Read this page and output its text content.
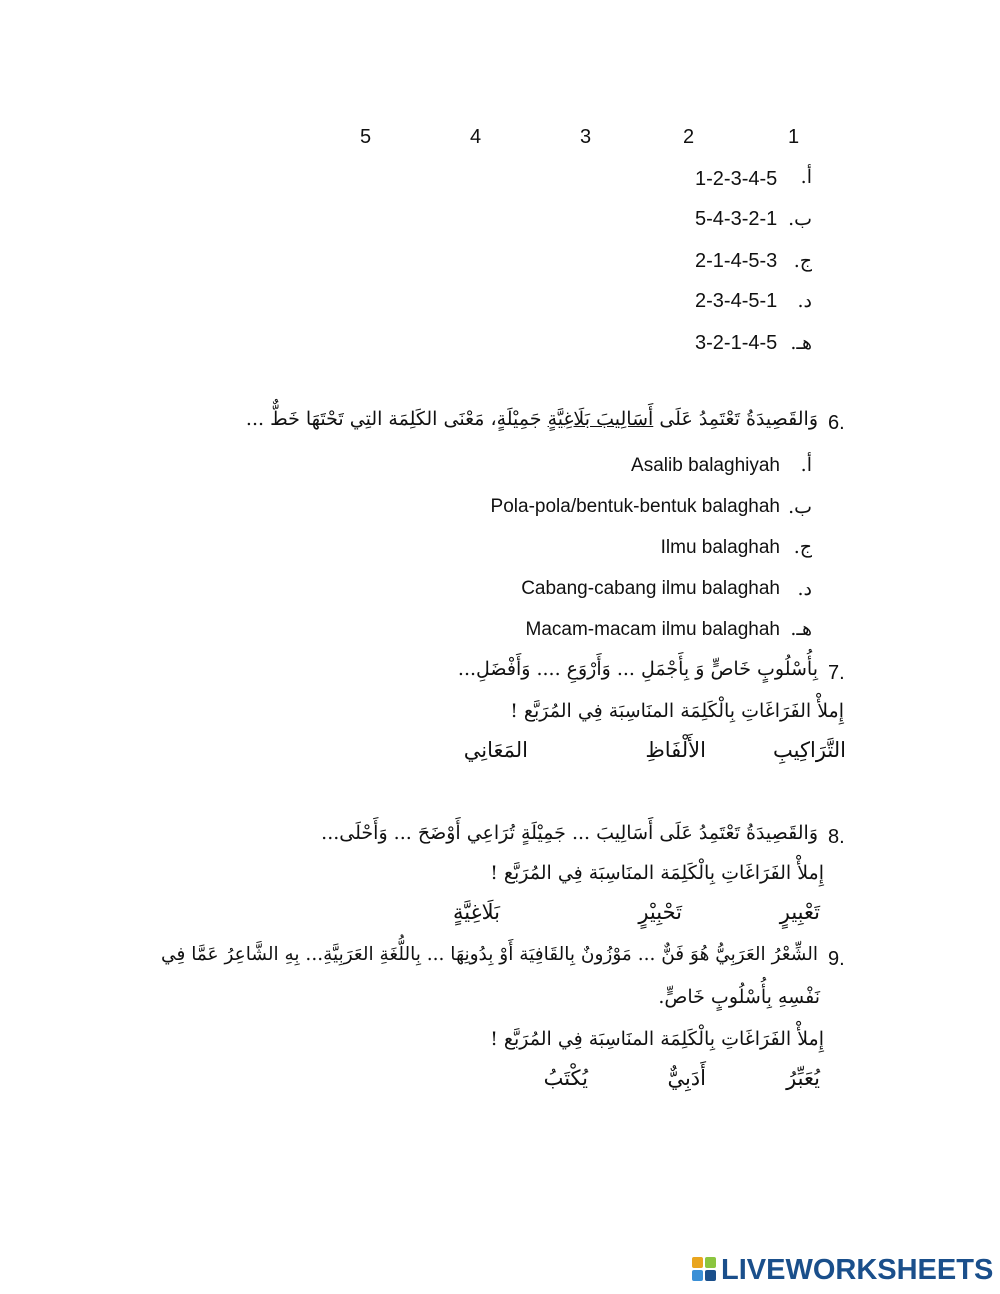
1
2
3
4
5
أ.
1-2-3-4-5
ب.
5-4-3-2-1
ج.
2-1-4-5-3
د.
2-3-4-5-1
هـ.
3-2-1-4-5
6.
وَالقَصِيدَةُ تَعْتَمِدُ عَلَى أَسَالِيبَ بَلَاغِيَّةٍ جَمِيْلَةٍ، مَعْنَى الكَلِمَة التِي تَحْتَهَا خَطٌّ ...
أ.
Asalib balaghiyah
ب.
Pola-pola/bentuk-bentuk balaghah
ج.
Ilmu balaghah
د.
Cabang-cabang ilmu balaghah
هـ.
Macam-macam ilmu balaghah
7.
بِأُسْلُوبٍ خَاصٍّ وَ بِأَجْمَلِ ... وَأَرْوَعِ .... وَأَفْضَلِ...
إِملأْ الفَرَاغَاتِ بِالْكَلِمَة المنَاسِبَة فِي المُرَبَّع !
التَّرَاكِيبِ
الأَلْفَاظِ
المَعَانِي
8.
وَالقَصِيدَةُ تَعْتَمِدُ عَلَى أَسَالِيبَ ... جَمِيْلَةٍ تُرَاعِي أَوْضَحَ ... وَأَحْلَى...
إِملأْ الفَرَاغَاتِ بِالْكَلِمَة المنَاسِبَة فِي المُرَبَّع !
تَعْبِيرٍ
تَحْبِيْرٍ
بَلَاغِيَّةٍ
9.
الشِّعْرُ العَرَبِيُّ هُوَ فَنٌّ ... مَوْزُونٌ بِالقَافِيَة أَوْ بِدُونِهَا ... بِاللُّغَةِ العَرَبِيَّةِ... بِهِ الشَّاعِرُ عَمَّا فِي
نَفْسِهِ بِأُسْلُوبٍ خَاصٍّ.
إِملأْ الفَرَاغَاتِ بِالْكَلِمَة المنَاسِبَة فِي المُرَبَّع !
يُعَبِّرُ
أَدَبِيٌّ
يُكْتَبُ
LIVEWORKSHEETS
